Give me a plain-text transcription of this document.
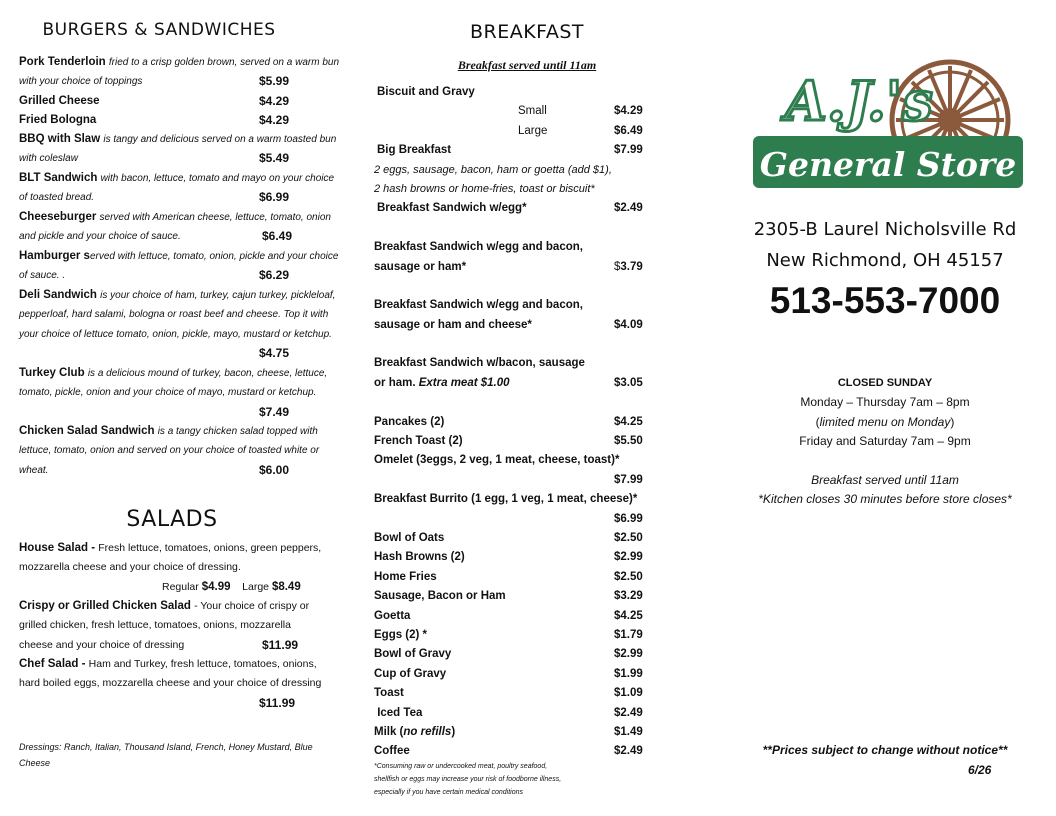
BURGERS & SANDWICHES
Pork Tenderloin fried to a crisp golden brown, served on a warm bun with your choice of toppings	$5.99
Grilled Cheese	$4.29
Fried Bologna	$4.29
BBQ with Slaw is tangy and delicious served on a warm toasted bun with coleslaw	$5.49
BLT Sandwich with bacon, lettuce, tomato and mayo on your choice of toasted bread.	$6.99
Cheeseburger served with American cheese, lettuce, tomato, onion and pickle and your choice of sauce.	$6.49
Hamburger served with lettuce, tomato, onion, pickle and your choice of sauce. .	$6.29
Deli Sandwich is your choice of ham, turkey, cajun turkey, pickleloaf, pepperloaf, hard salami, bologna or roast beef and cheese. Top it with your choice of lettuce tomato, onion, pickle, mayo, mustard or ketchup.
$4.75
Turkey Club is a delicious mound of turkey, bacon, cheese, lettuce, tomato, pickle, onion and your choice of mayo, mustard or ketchup.
$7.49
Chicken Salad Sandwich is a tangy chicken salad topped with lettuce, tomato, onion and served on your choice of toasted white or wheat.	$6.00
SALADS
House Salad - Fresh lettuce, tomatoes, onions, green peppers, mozzarella cheese and your choice of dressing.
Regular $4.99 Large $8.49
Crispy or Grilled Chicken Salad - Your choice of crispy or grilled chicken, fresh lettuce, tomatoes, onions, mozzarella cheese and your choice of dressing	$11.99
Chef Salad - Ham and Turkey, fresh lettuce, tomatoes, onions, hard boiled eggs, mozzarella cheese and your choice of dressing
$11.99
Dressings: Ranch, Italian, Thousand Island, French, Honey Mustard, Blue Cheese
BREAKFAST
Breakfast served until 11am
Biscuit and Gravy
Small	$4.29
Large	$6.49
Big Breakfast	$7.99
2 eggs, sausage, bacon, ham or goetta (add $1),
2 hash browns or home-fries, toast or biscuit*
Breakfast Sandwich w/egg*	$2.49
Breakfast Sandwich w/egg and bacon,
sausage or ham*	$3.79
Breakfast Sandwich w/egg and bacon,
sausage or ham and cheese*	$4.09
Breakfast Sandwich w/bacon, sausage
or ham. Extra meat $1.00	$3.05
Pancakes (2)	$4.25
French Toast (2)	$5.50
Omelet (3eggs, 2 veg, 1 meat, cheese, toast)*
$7.99
Breakfast Burrito (1 egg, 1 veg, 1 meat, cheese)*
$6.99
Bowl of Oats	$2.50
Hash Browns (2)	$2.99
Home Fries	$2.50
Sausage, Bacon or Ham	$3.29
Goetta	$4.25
Eggs (2) *	$1.79
Bowl of Gravy	$2.99
Cup of Gravy	$1.99
Toast	$1.09
Iced Tea	$2.49
Milk (no refills)	$1.49
Coffee	$2.49
*Consuming raw or undercooked meat, poultry seafood,
shellfish or eggs may increase your risk of foodborne illness,
especially if you have certain medical conditions
A.J.'s
General Store
2305-B Laurel Nicholsville Rd
New Richmond, OH 45157
513-553-7000
CLOSED SUNDAY
Monday – Thursday 7am – 8pm
(limited menu on Monday)
Friday and Saturday 7am – 9pm
Breakfast served until 11am
*Kitchen closes 30 minutes before store closes*
**Prices subject to change without notice**
6/26
